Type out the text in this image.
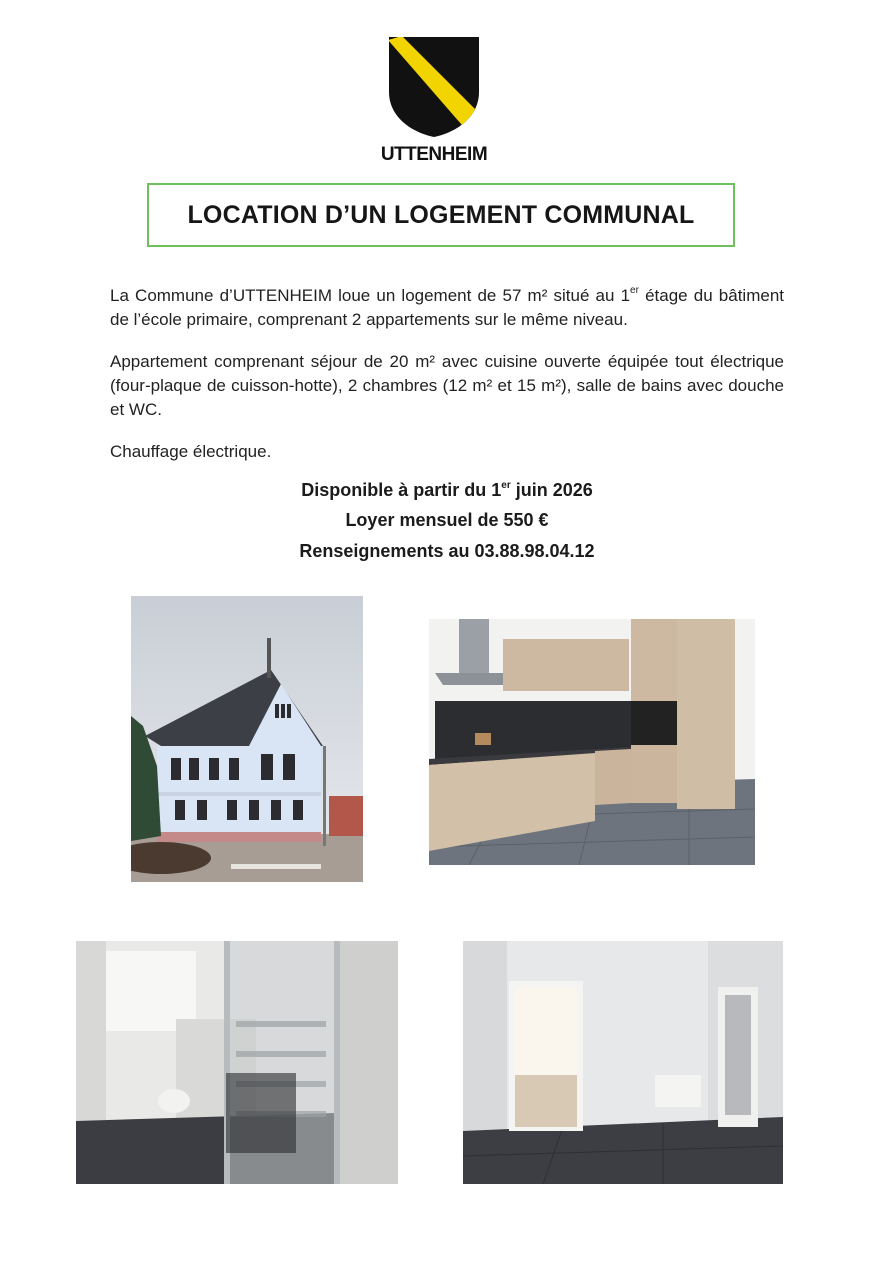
UTTENHEIM
LOCATION D’UN LOGEMENT COMMUNAL
La Commune d’UTTENHEIM loue un logement de 57 m² situé au 1er étage du bâtiment de l’école primaire, comprenant 2 appartements sur le même niveau.
Appartement comprenant séjour de 20 m² avec cuisine ouverte équipée tout électrique (four-plaque de cuisson-hotte), 2 chambres (12 m² et 15 m²), salle de bains avec douche et WC.
Chauffage électrique.
Disponible à partir du 1er juin 2026
Loyer mensuel de 550 €
Renseignements au 03.88.98.04.12
